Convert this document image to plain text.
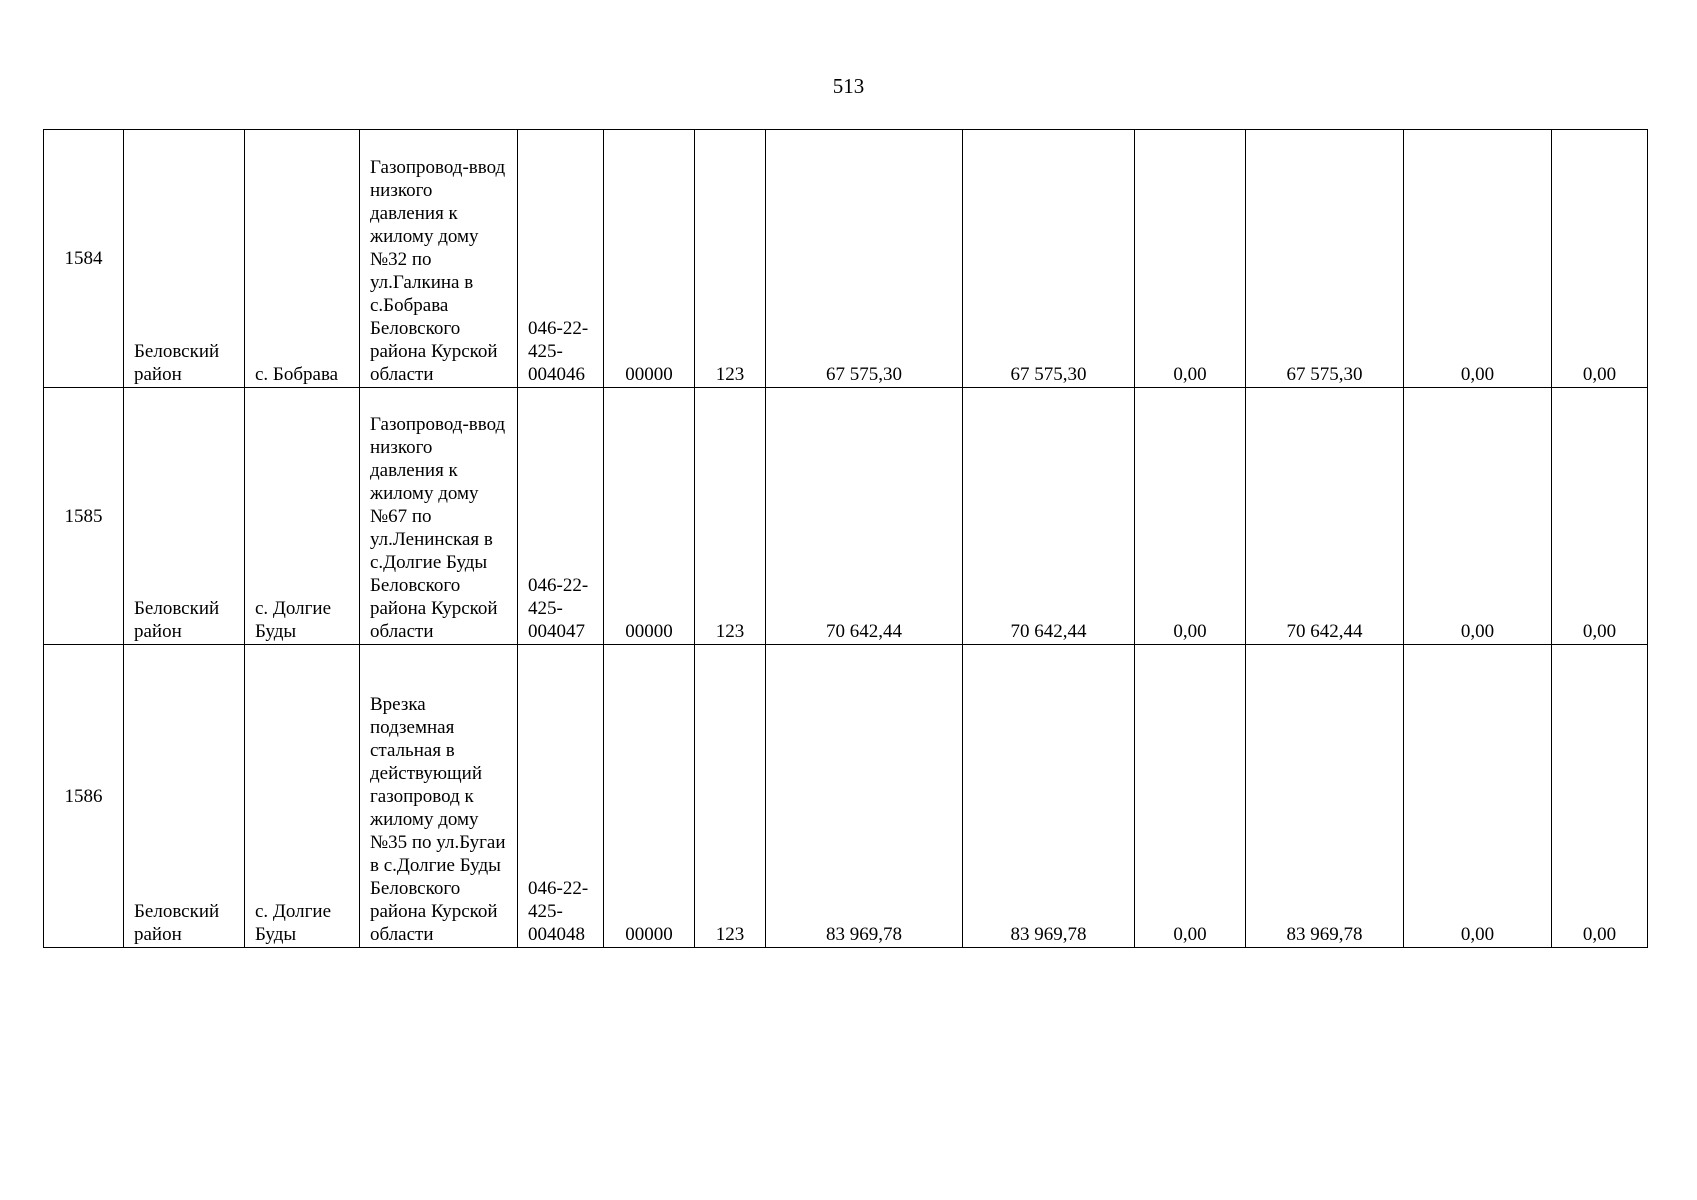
513
1584	Беловский район	с. Бобрава	Газопровод-ввод низкого давления к жилому дому №32 по ул.Галкина в с.Бобрава Беловского района Курской области	046-22-425-004046	00000	123	67 575,30	67 575,30	0,00	67 575,30	0,00	0,00
1585	Беловский район	с. Долгие Буды	Газопровод-ввод низкого давления к жилому дому №67 по ул.Ленинская в с.Долгие Буды Беловского района Курской области	046-22-425-004047	00000	123	70 642,44	70 642,44	0,00	70 642,44	0,00	0,00
1586	Беловский район	с. Долгие Буды	Врезка подземная стальная в действующий газопровод к жилому дому №35 по ул.Бугаи в с.Долгие Буды Беловского района Курской области	046-22-425-004048	00000	123	83 969,78	83 969,78	0,00	83 969,78	0,00	0,00
